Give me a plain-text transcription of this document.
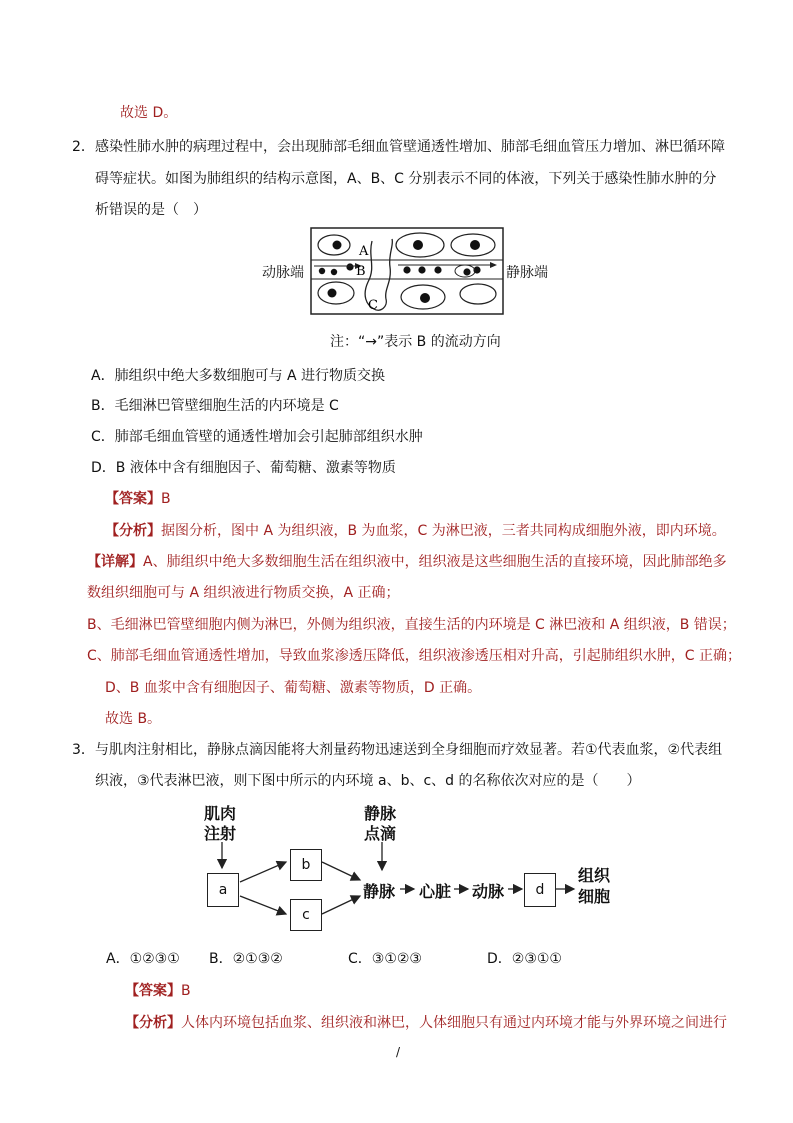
故选 D。
2． 感染性肺水肿的病理过程中，会出现肺部毛细血管壁通透性增加、肺部毛细血管压力增加、淋巴循环障
碍等症状。如图为肺组织的结构示意图，A、B、C 分别表示不同的体液，下列关于感染性肺水肿的分
析错误的是（　）
动脉端	静脉端
A
B
C
注：“→”表示 B 的流动方向
A．肺组织中绝大多数细胞可与 A 进行物质交换
B．毛细淋巴管壁细胞生活的内环境是 C
C．肺部毛细血管壁的通透性增加会引起肺部组织水肿
D．B 液体中含有细胞因子、葡萄糖、激素等物质
【答案】B
【分析】据图分析，图中 A 为组织液，B 为血浆，C 为淋巴液，三者共同构成细胞外液，即内环境。
【详解】A、肺组织中绝大多数细胞生活在组织液中，组织液是这些细胞生活的直接环境，因此肺部绝多
数组织细胞可与 A 组织液进行物质交换，A 正确；
B、毛细淋巴管壁细胞内侧为淋巴，外侧为组织液，直接生活的内环境是 C 淋巴液和 A 组织液，B 错误；
C、肺部毛细血管通透性增加，导致血浆渗透压降低，组织液渗透压相对升高，引起肺组织水肿，C 正确；
D、B 血浆中含有细胞因子、葡萄糖、激素等物质，D 正确。
故选 B。
3． 与肌肉注射相比，静脉点滴因能将大剂量药物迅速送到全身细胞而疗效显著。若①代表血浆，②代表组
织液，③代表淋巴液，则下图中所示的内环境 a、b、c、d 的名称依次对应的是（　　）
肌肉
注射
静脉
点滴
a
b
c
静脉 心脏 动脉	d
组织
细胞
A．①②③① B．②①③②	C．③①②③	D．②③①①
【答案】B
【分析】人体内环境包括血浆、组织液和淋巴，人体细胞只有通过内环境才能与外界环境之间进行
/
